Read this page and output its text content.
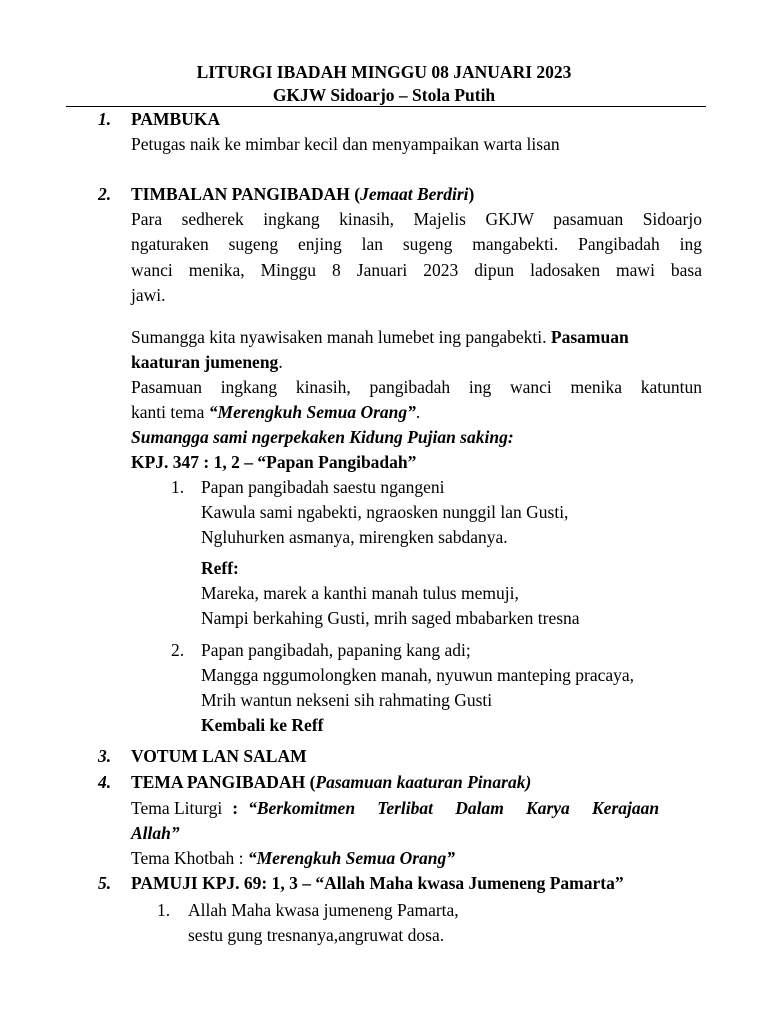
LITURGI IBADAH MINGGU 08 JANUARI 2023
GKJW Sidoarjo – Stola Putih
1. PAMBUKA
Petugas naik ke mimbar kecil dan menyampaikan warta lisan
2. TIMBALAN PANGIBADAH (Jemaat Berdiri)
Para sedherek ingkang kinasih, Majelis GKJW pasamuan Sidoarjo
ngaturaken sugeng enjing lan sugeng mangabekti. Pangibadah ing
wanci menika, Minggu 8 Januari 2023 dipun ladosaken mawi basa
jawi.
Sumangga kita nyawisaken manah lumebet ing pangabekti. Pasamuan
kaaturan jumeneng.
Pasamuan ingkang kinasih, pangibadah ing wanci menika katuntun
kanti tema “Merengkuh Semua Orang”.
Sumangga sami ngerpekaken Kidung Pujian saking:
KPJ. 347 : 1, 2 – “Papan Pangibadah”
1. Papan pangibadah saestu ngangeni
Kawula sami ngabekti, ngraosken nunggil lan Gusti,
Ngluhurken asmanya, mirengken sabdanya.
Reff:
Mareka, marek a kanthi manah tulus memuji,
Nampi berkahing Gusti, mrih saged mbabarken tresna
2. Papan pangibadah, papaning kang adi;
Mangga nggumolongken manah, nyuwun manteping pracaya,
Mrih wantun nekseni sih rahmating Gusti
Kembali ke Reff
3. VOTUM LAN SALAM
4. TEMA PANGIBADAH (Pasamuan kaaturan Pinarak)
Tema Liturgi : “Berkomitmen Terlibat Dalam Karya Kerajaan
Allah”
Tema Khotbah : “Merengkuh Semua Orang”
5. PAMUJI KPJ. 69: 1, 3 – “Allah Maha kwasa Jumeneng Pamarta”
1. Allah Maha kwasa jumeneng Pamarta,
sestu gung tresnanya,angruwat dosa.
